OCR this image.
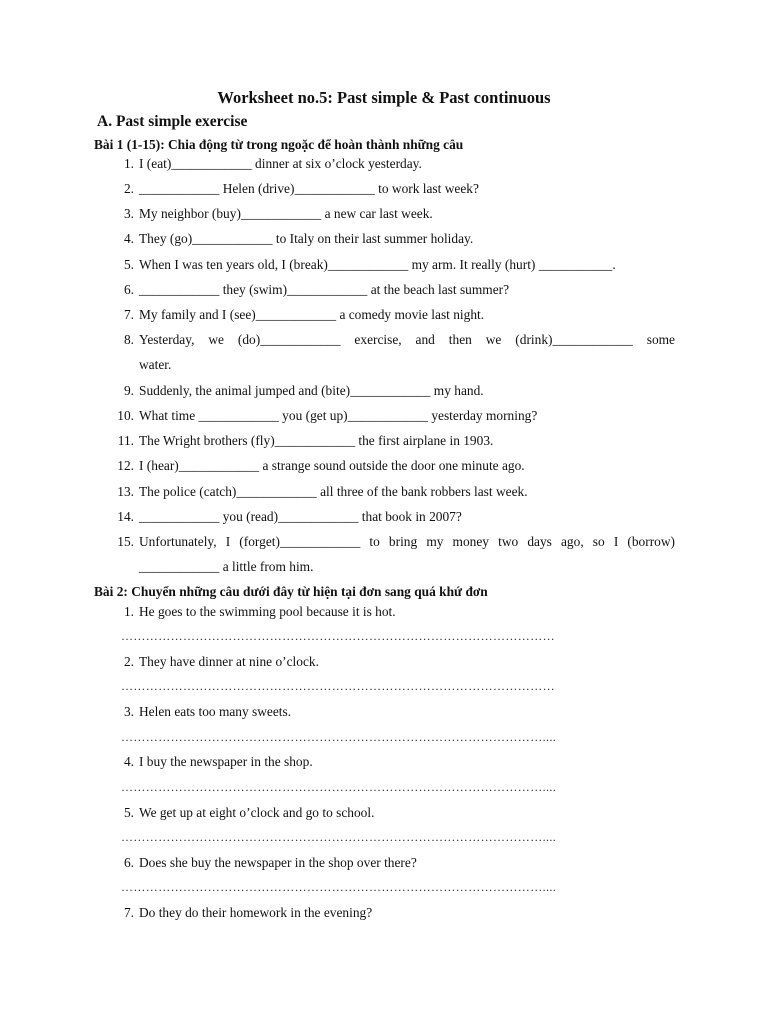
Worksheet no.5: Past simple & Past continuous
A. Past simple exercise
Bài 1 (1-15): Chia động từ trong ngoặc để hoàn thành những câu
1. I (eat)____________ dinner at six o’clock yesterday.
2. ____________ Helen (drive)____________ to work last week?
3. My neighbor (buy)____________ a new car last week.
4. They (go)____________ to Italy on their last summer holiday.
5. When I was ten years old, I (break)____________ my arm. It really (hurt) ___________.
6. ____________ they (swim)____________ at the beach last summer?
7. My family and I (see)____________ a comedy movie last night.
8. Yesterday, we (do)____________ exercise, and then we (drink)____________ some
water.
9. Suddenly, the animal jumped and (bite)____________ my hand.
10. What time ____________ you (get up)____________ yesterday morning?
11. The Wright brothers (fly)____________ the first airplane in 1903.
12. I (hear)____________ a strange sound outside the door one minute ago.
13. The police (catch)____________ all three of the bank robbers last week.
14. ____________ you (read)____________ that book in 2007?
15. Unfortunately, I (forget)____________ to bring my money two days ago, so I (borrow)
____________ a little from him.
Bài 2: Chuyển những câu dưới đây từ hiện tại đơn sang quá khứ đơn
1. He goes to the swimming pool because it is hot.
……………………………………………………………………………………………
2. They have dinner at nine o’clock.
……………………………………………………………………………………………
3. Helen eats too many sweets.
…………………………………………………………………………………………....
4. I buy the newspaper in the shop.
…………………………………………………………………………………………....
5. We get up at eight o’clock and go to school.
…………………………………………………………………………………………....
6. Does she buy the newspaper in the shop over there?
…………………………………………………………………………………………....
7. Do they do their homework in the evening?
